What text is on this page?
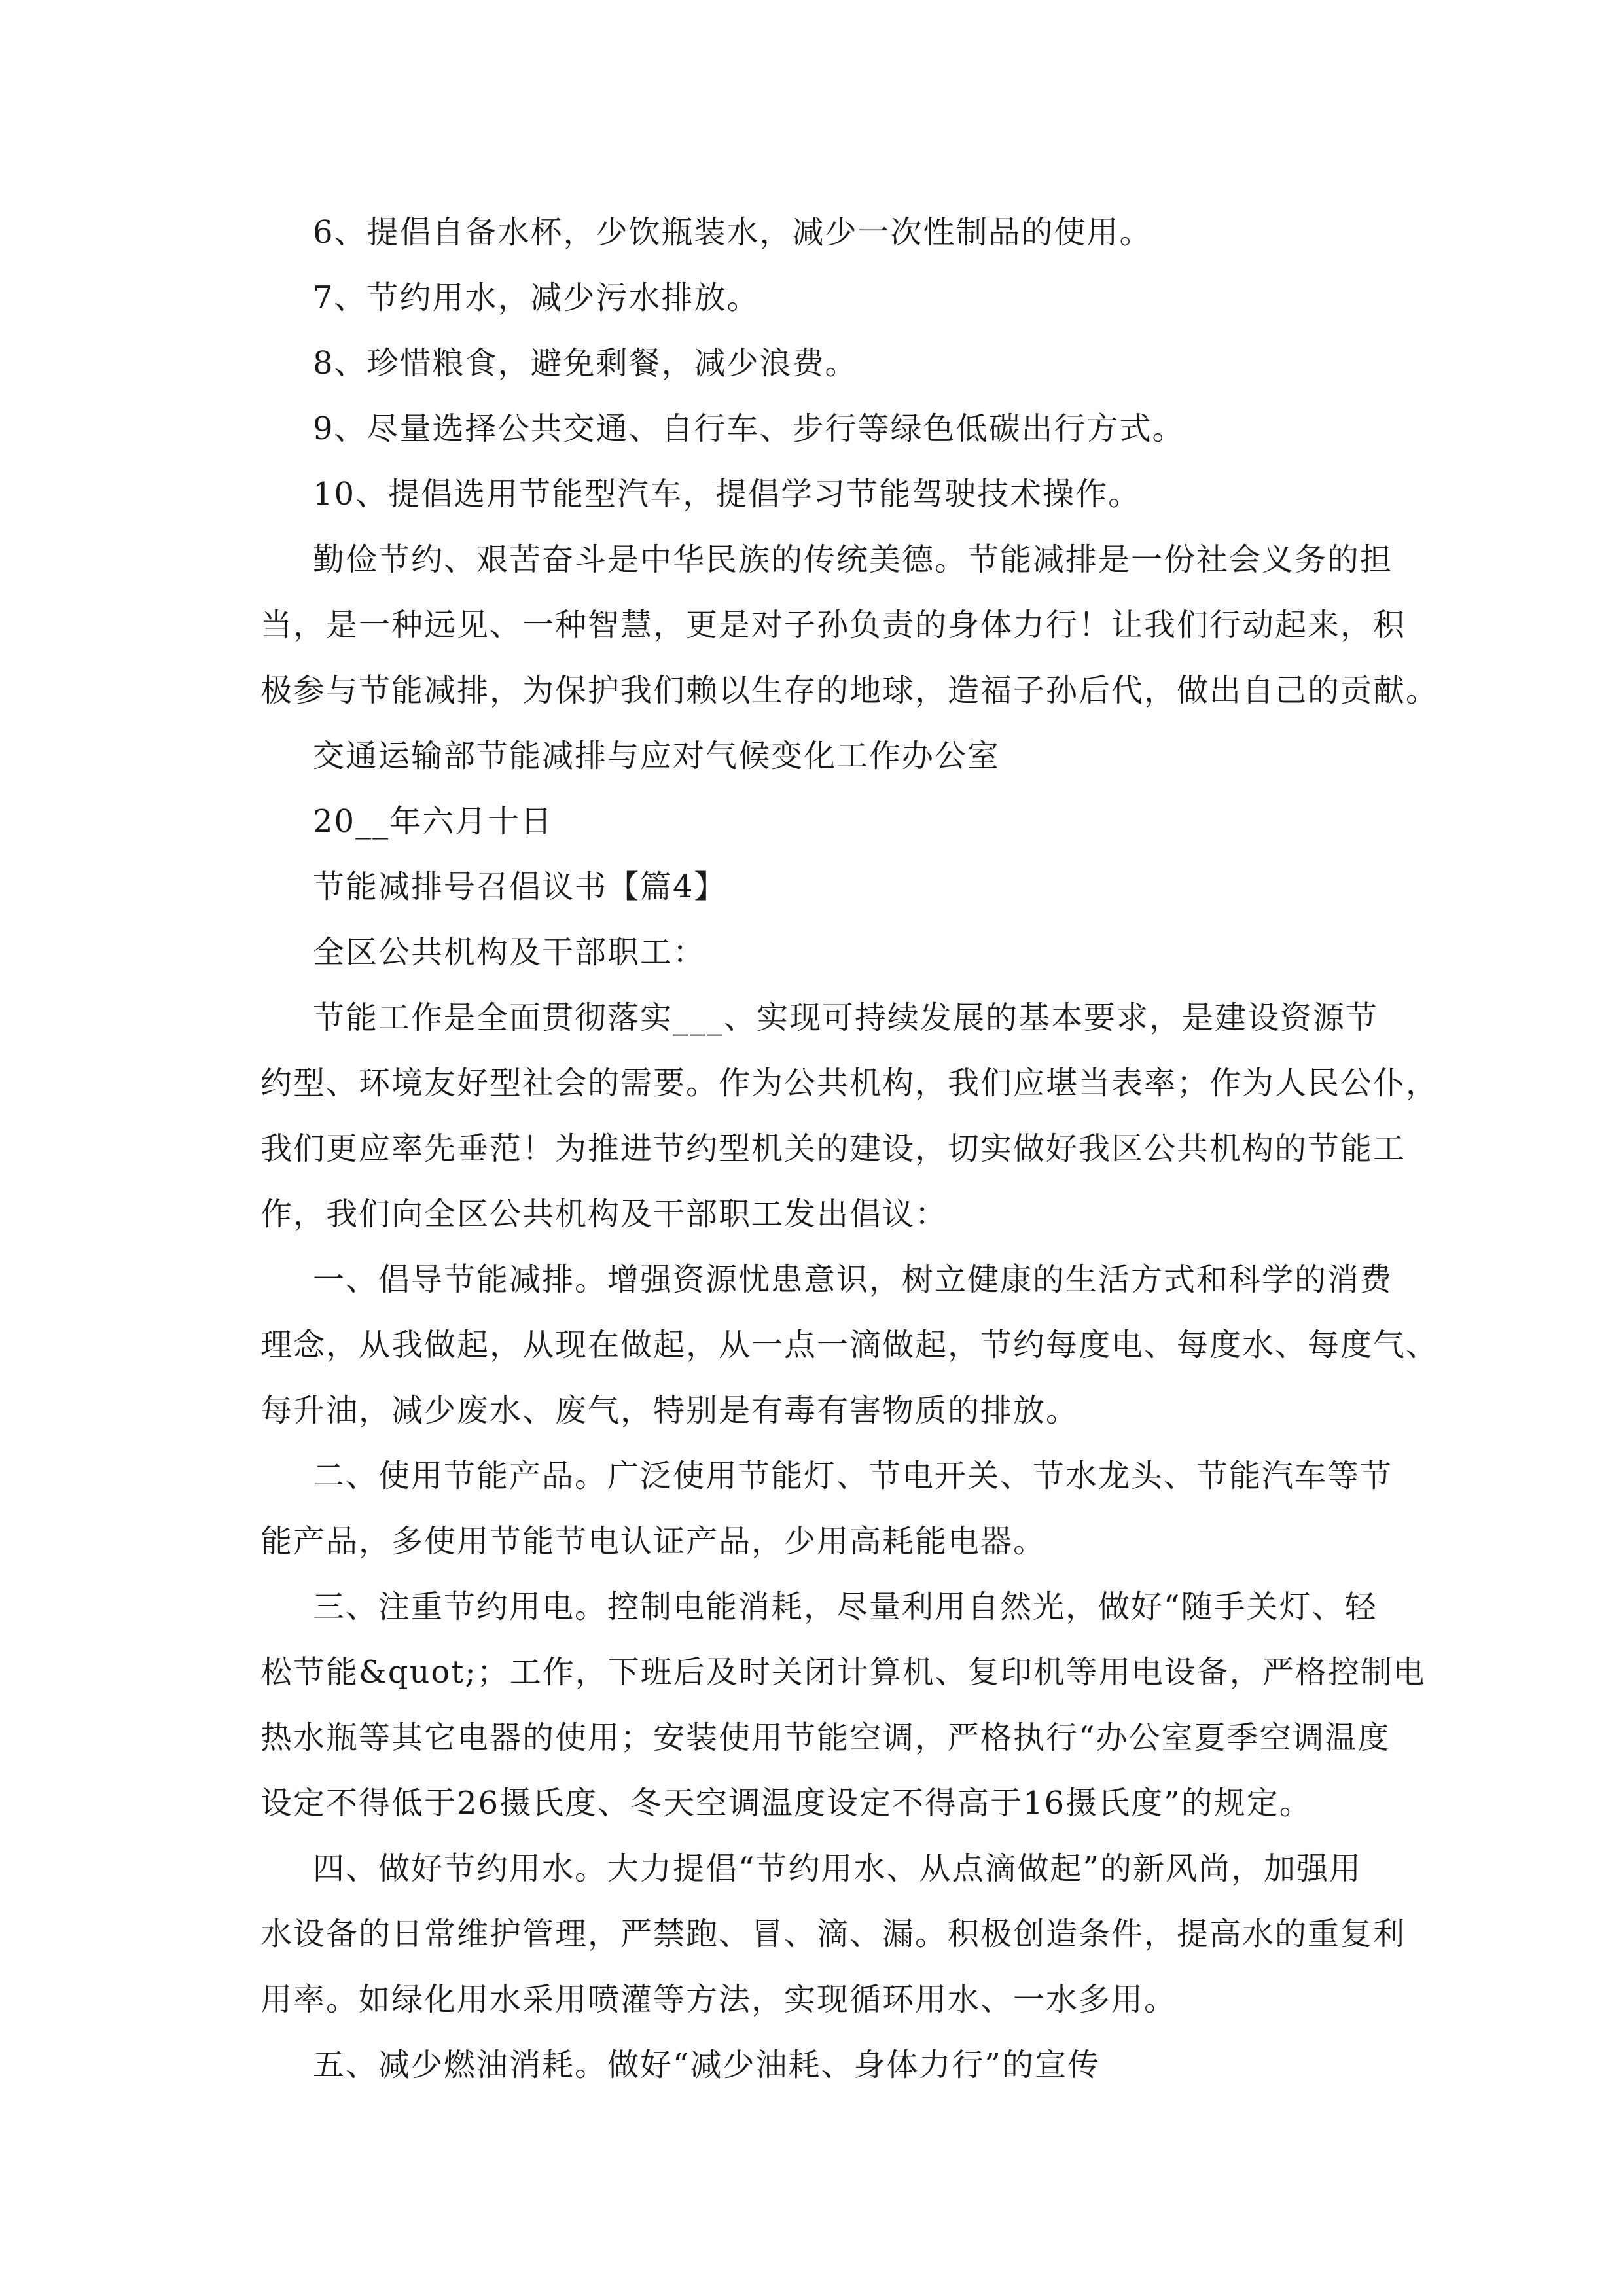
6、提倡自备水杯，少饮瓶装水，减少一次性制品的使用。
7、节约用水，减少污水排放。
8、珍惜粮食，避免剩餐，减少浪费。
9、尽量选择公共交通、自行车、步行等绿色低碳出行方式。
10、提倡选用节能型汽车，提倡学习节能驾驶技术操作。
勤俭节约、艰苦奋斗是中华民族的传统美德。节能减排是一份社会义务的担
当，是一种远见、一种智慧，更是对子孙负责的身体力行！让我们行动起来，积
极参与节能减排，为保护我们赖以生存的地球，造福子孙后代，做出自己的贡献。
交通运输部节能减排与应对气候变化工作办公室
20__年六月十日
节能减排号召倡议书【篇4】
全区公共机构及干部职工：
节能工作是全面贯彻落实___、实现可持续发展的基本要求，是建设资源节
约型、环境友好型社会的需要。作为公共机构，我们应堪当表率；作为人民公仆，
我们更应率先垂范！为推进节约型机关的建设，切实做好我区公共机构的节能工
作，我们向全区公共机构及干部职工发出倡议：
一、倡导节能减排。增强资源忧患意识，树立健康的生活方式和科学的消费
理念，从我做起，从现在做起，从一点一滴做起，节约每度电、每度水、每度气、
每升油，减少废水、废气，特别是有毒有害物质的排放。
二、使用节能产品。广泛使用节能灯、节电开关、节水龙头、节能汽车等节
能产品，多使用节能节电认证产品，少用高耗能电器。
三、注重节约用电。控制电能消耗，尽量利用自然光，做好“随手关灯、轻
松节能&quot;；工作，下班后及时关闭计算机、复印机等用电设备，严格控制电
热水瓶等其它电器的使用；安装使用节能空调，严格执行“办公室夏季空调温度
设定不得低于26摄氏度、冬天空调温度设定不得高于16摄氏度”的规定。
四、做好节约用水。大力提倡“节约用水、从点滴做起”的新风尚，加强用
水设备的日常维护管理，严禁跑、冒、滴、漏。积极创造条件，提高水的重复利
用率。如绿化用水采用喷灌等方法，实现循环用水、一水多用。
五、减少燃油消耗。做好“减少油耗、身体力行”的宣传
